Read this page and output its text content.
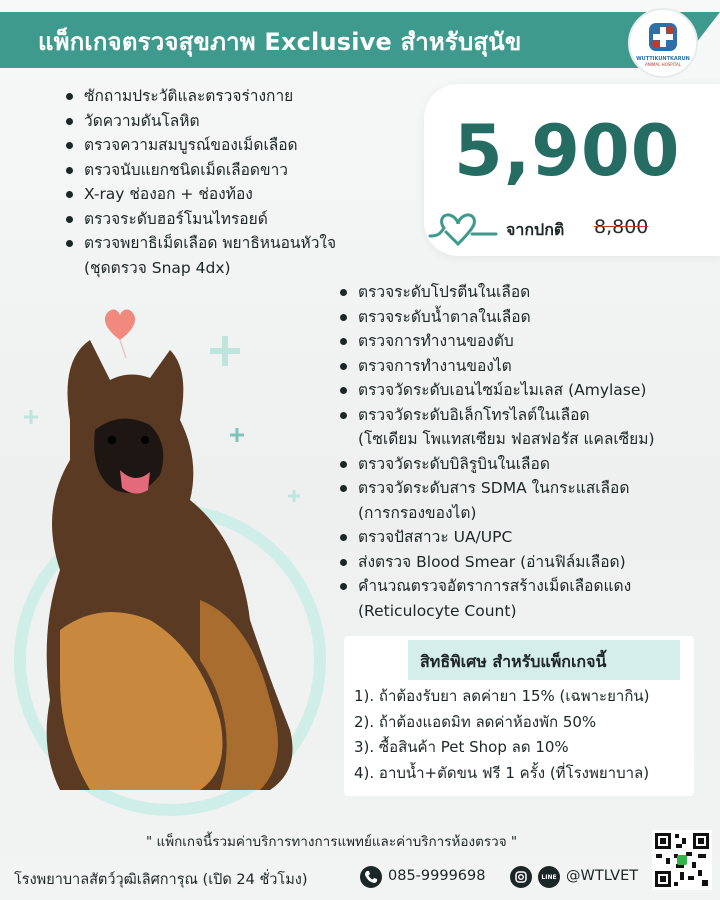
แพ็กเกจตรวจสุขภาพ Exclusive สำหรับสุนัข
WUTTIKUNTKARUN
ANIMAL HOSPITAL
ซักถามประวัติและตรวจร่างกาย
วัดความดันโลหิต
ตรวจความสมบูรณ์ของเม็ดเลือด
ตรวจนับแยกชนิดเม็ดเลือดขาว
X-ray ช่องอก + ช่องท้อง
ตรวจระดับฮอร์โมนไทรอยด์
ตรวจพยาธิเม็ดเลือด พยาธิหนอนหัวใจ
(ชุดตรวจ Snap 4dx)
5,900
จากปกติ 8,800
ตรวจระดับโปรตีนในเลือด
ตรวจระดับน้ำตาลในเลือด
ตรวจการทำงานของตับ
ตรวจการทำงานของไต
ตรวจวัดระดับเอนไซม์อะไมเลส (Amylase)
ตรวจวัดระดับอิเล็กโทรไลต์ในเลือด
(โซเดียม โพแทสเซียม ฟอสฟอรัส แคลเซียม)
ตรวจวัดระดับบิลิรูบินในเลือด
ตรวจวัดระดับสาร SDMA ในกระแสเลือด
(การกรองของไต)
ตรวจปัสสาวะ UA/UPC
ส่งตรวจ Blood Smear (อ่านฟิล์มเลือด)
คำนวณตรวจอัตราการสร้างเม็ดเลือดแดง
(Reticulocyte Count)
สิทธิพิเศษ สำหรับแพ็กเกจนี้
1). ถ้าต้องรับยา ลดค่ายา 15% (เฉพาะยากิน)
2). ถ้าต้องแอดมิท ลดค่าห้องพัก 50%
3). ซื้อสินค้า Pet Shop ลด 10%
4). อาบน้ำ+ตัดขน ฟรี 1 ครั้ง (ที่โรงพยาบาล)
" แพ็กเกจนี้รวมค่าบริการทางการแพทย์และค่าบริการห้องตรวจ "
โรงพยาบาลสัตว์วุฒิเลิศการุณ (เปิด 24 ชั่วโมง)	085-9999698	LINE @WTLVET
